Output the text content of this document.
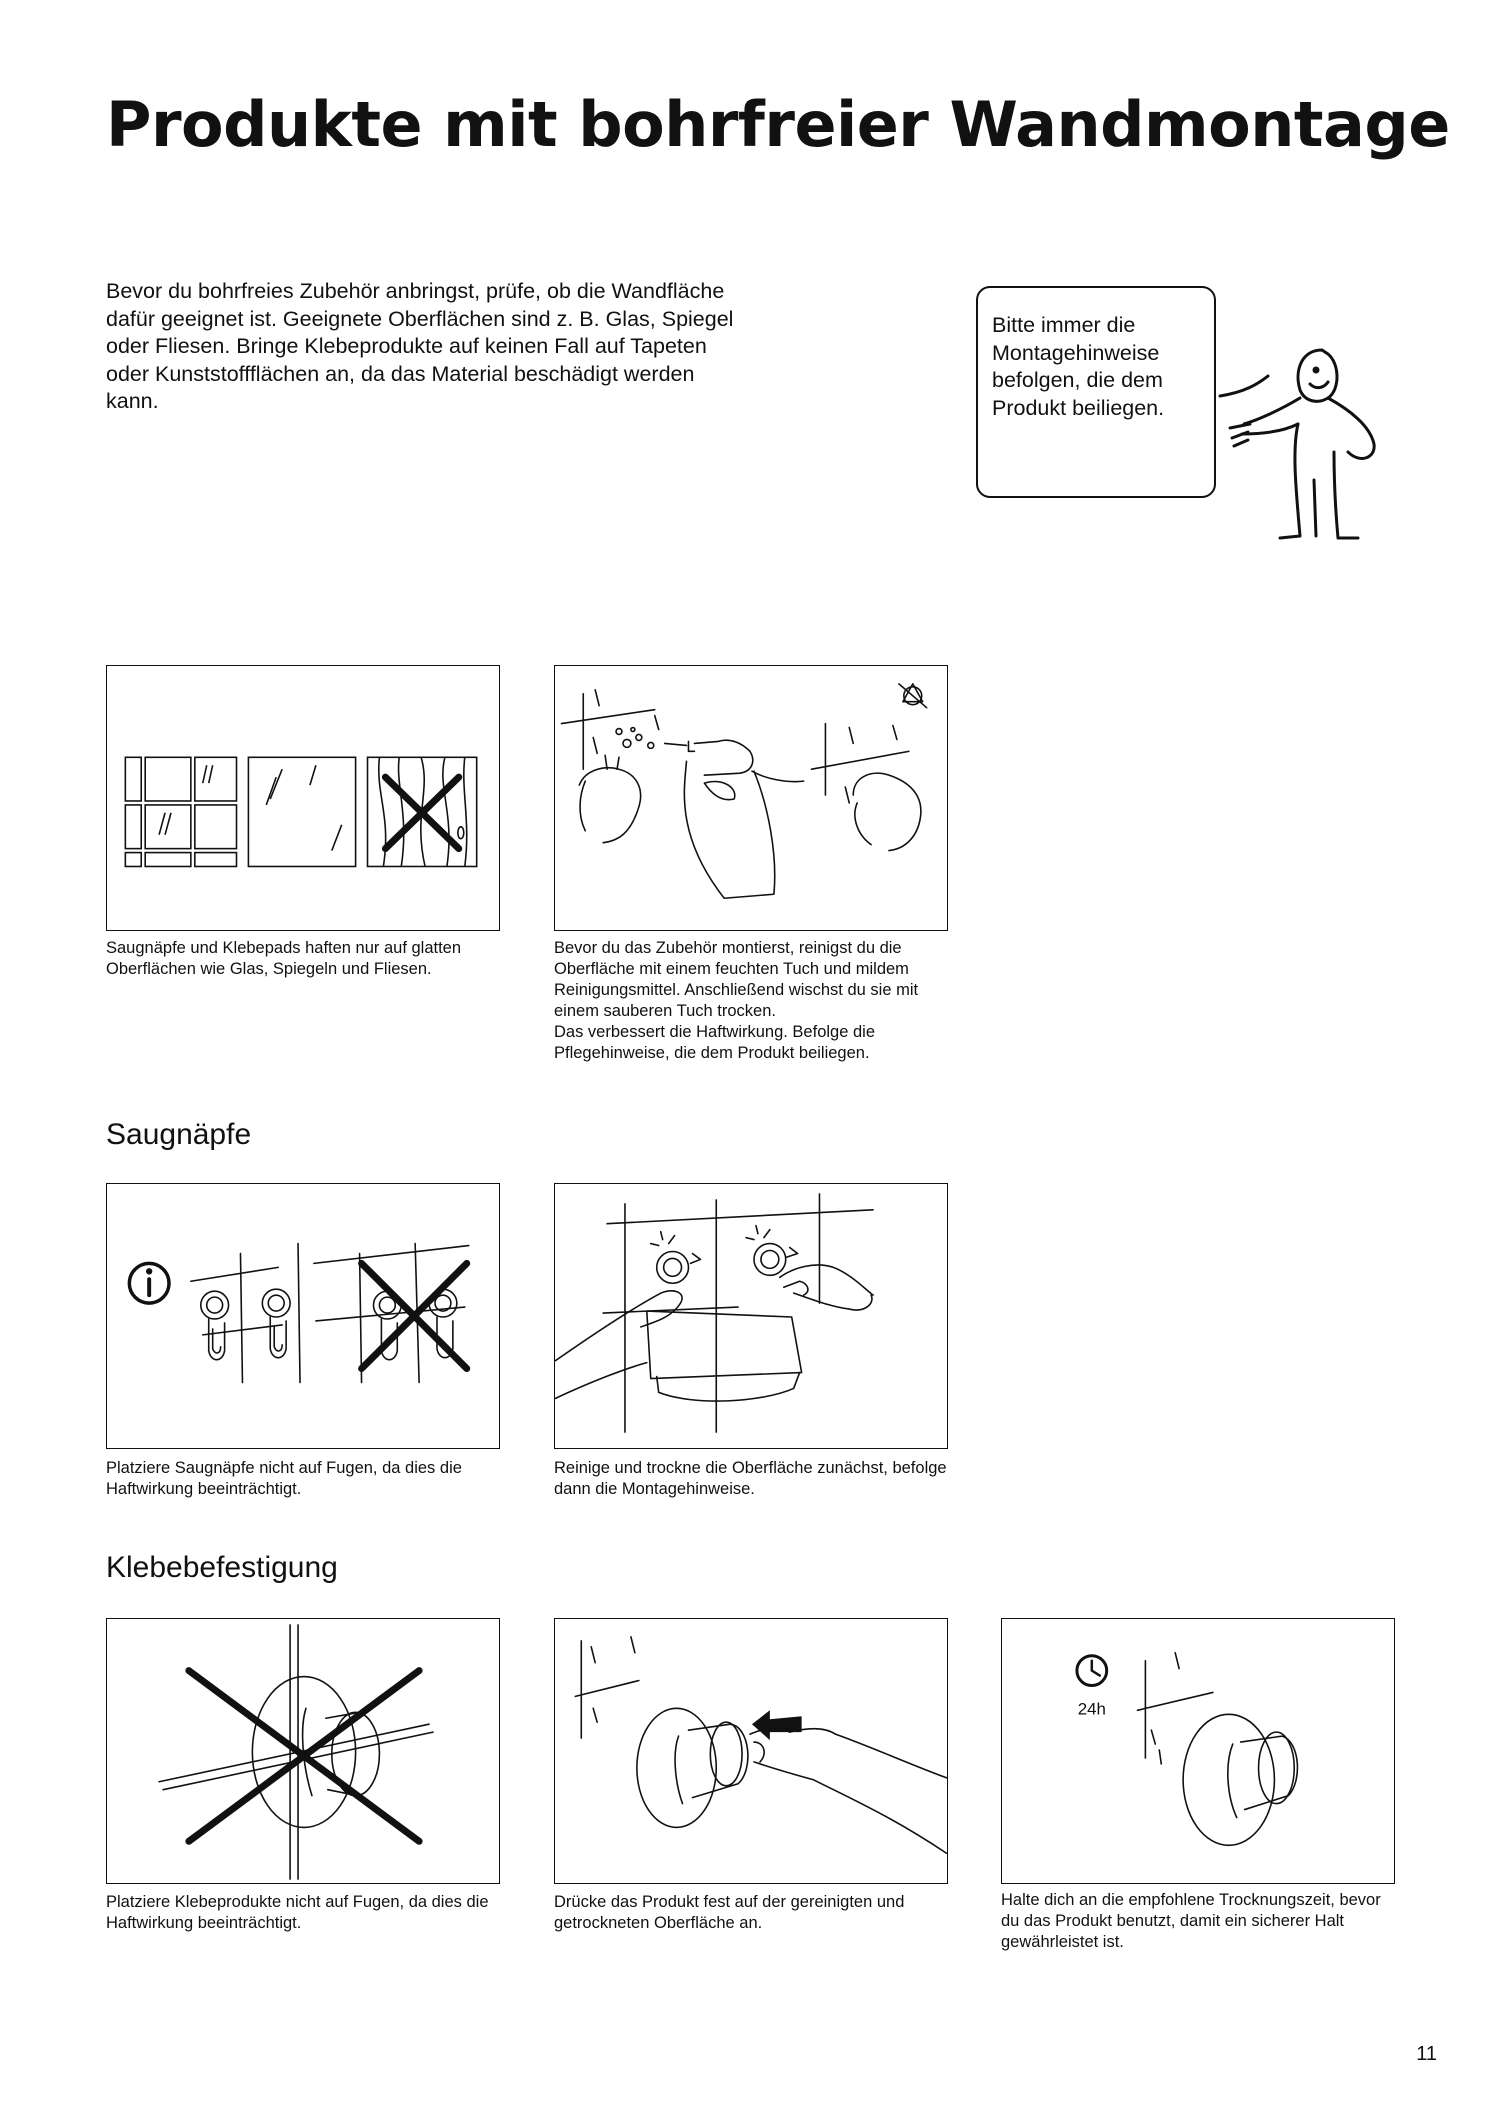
Produkte mit bohrfreier Wandmontage
Bevor du bohrfreies Zubehör anbringst, prüfe, ob die Wandfläche dafür geeignet ist. Geeignete Oberflächen sind z. B. Glas, Spiegel oder Fliesen. Bringe Klebeprodukte auf keinen Fall auf Tapeten oder Kunststoffflächen an, da das Material beschädigt werden kann.
Bitte immer die Montagehinweise befolgen, die dem Produkt beiliegen.

Saugnäpfe und Klebepads haften nur auf glatten Oberflächen wie Glas, Spiegeln und Fliesen.

Bevor du das Zubehör montierst, reinigst du die Oberfläche mit einem feuchten Tuch und mildem Reinigungsmittel. Anschließend wischst du sie mit einem sauberen Tuch trocken.

Das verbessert die Haftwirkung. Befolge die Pflegehinweise, die dem Produkt beiliegen.

Saugnäpfe

Platziere Saugnäpfe nicht auf Fugen, da dies die Haftwirkung beeinträchtigt.

Reinige und trockne die Oberfläche zunächst, befolge dann die Montagehinweise.

Klebebefestigung
24h

Platziere Klebeprodukte nicht auf Fugen, da dies die Haftwirkung beeinträchtigt.

Drücke das Produkt fest auf der gereinigten und getrockneten Oberfläche an.

Halte dich an die empfohlene Trocknungszeit, bevor du das Produkt benutzt, damit ein sicherer Halt gewährleistet ist.

11
